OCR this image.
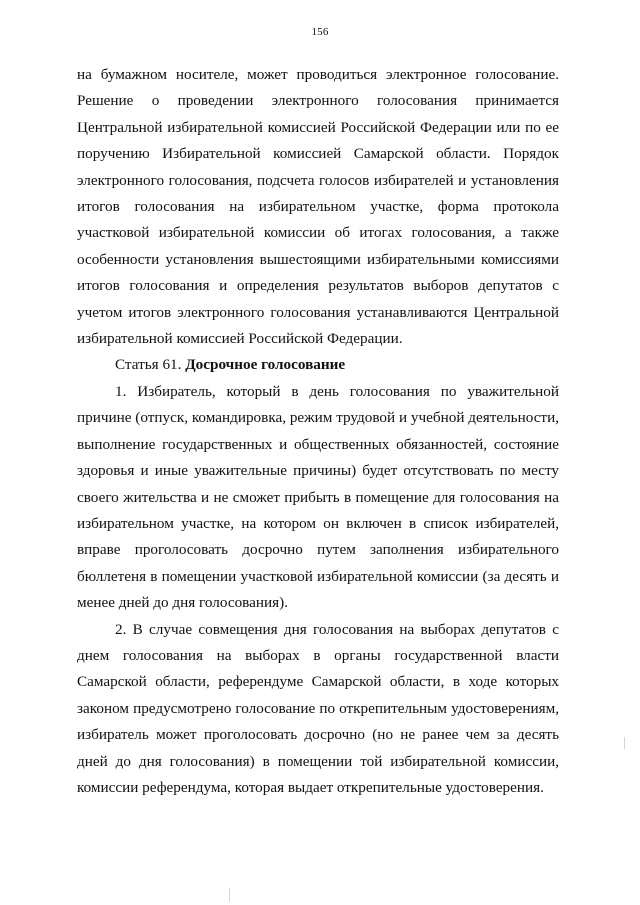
156

на бумажном носителе, может проводиться электронное голосование. Решение о проведении электронного голосования принимается Центральной избирательной комиссией Российской Федерации или по ее поручению Избирательной комиссией Самарской области. Порядок электронного голосования, подсчета голосов избирателей и установления итогов голосования на избирательном участке, форма протокола участковой избирательной комиссии об итогах голосования, а также особенности установления вышестоящими избирательными комиссиями итогов голосования и определения результатов выборов депутатов с учетом итогов электронного голосования устанавливаются Центральной избирательной комиссией Российской Федерации.

Статья 61. Досрочное голосование

1. Избиратель, который в день голосования по уважительной причине (отпуск, командировка, режим трудовой и учебной деятельности, выполнение государственных и общественных обязанностей, состояние здоровья и иные уважительные причины) будет отсутствовать по месту своего жительства и не сможет прибыть в помещение для голосования на избирательном участке, на котором он включен в список избирателей, вправе проголосовать досрочно путем заполнения избирательного бюллетеня в помещении участковой избирательной комиссии (за десять и менее дней до дня голосования).

2. В случае совмещения дня голосования на выборах депутатов с днем голосования на выборах в органы государственной власти Самарской области, референдуме Самарской области, в ходе которых законом предусмотрено голосование по открепительным удостоверениям, избиратель может проголосовать досрочно (но не ранее чем за десять дней до дня голосования) в помещении той избирательной комиссии, комиссии референдума, которая выдает открепительные удостоверения.
